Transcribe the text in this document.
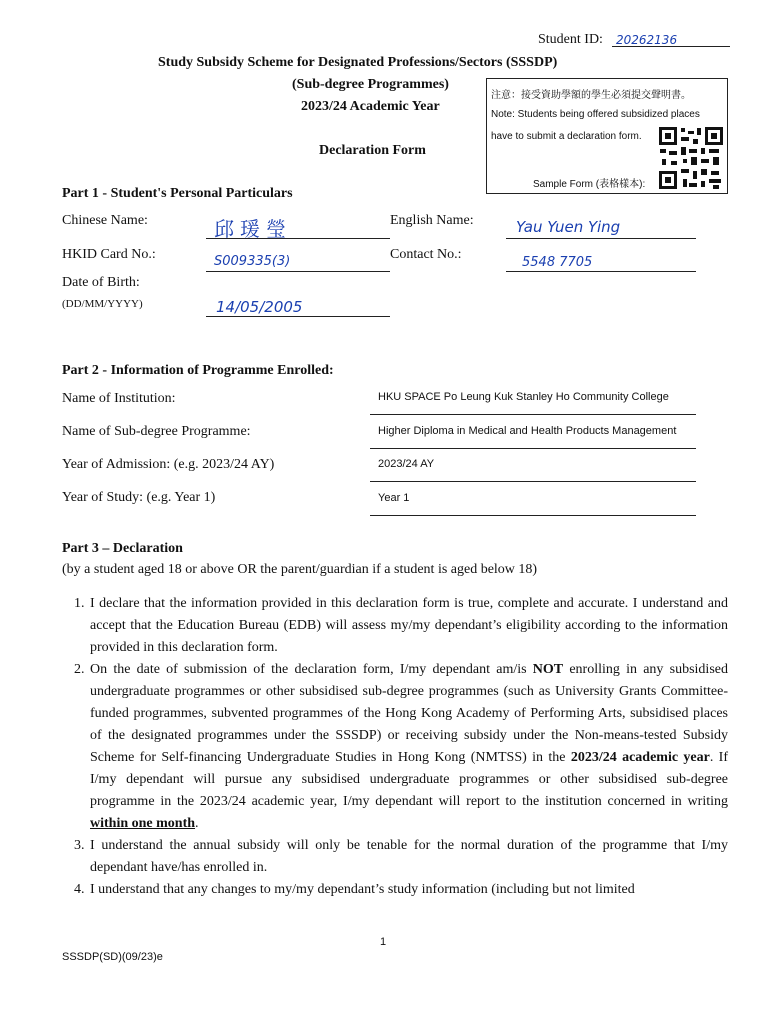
Student ID: 20262136
Study Subsidy Scheme for Designated Professions/Sectors (SSSDP)
(Sub-degree Programmes)
2023/24 Academic Year
Declaration Form
注意：接受資助學額的學生必須提交聲明書。
Note: Students being offered subsidized places
have to submit a declaration form.
Sample Form (表格樣本):
Part 1 - Student's Personal Particulars
Chinese Name:	邱瑗瑩	English Name:	Yau Yuen Ying
HKID Card No.:	S009335(3)	Contact No.:
5548 7705
Date of Birth:
(DD/MM/YYYY)	14/05/2005
Part 2 - Information of Programme Enrolled:
Name of Institution:	HKU SPACE Po Leung Kuk Stanley Ho Community College
Name of Sub-degree Programme:	Higher Diploma in Medical and Health Products Management
Year of Admission: (e.g. 2023/24 AY)	2023/24 AY
Year of Study: (e.g. Year 1)	Year 1
Part 3 – Declaration
(by a student aged 18 or above OR the parent/guardian if a student is aged below 18)
1. I declare that the information provided in this declaration form is true, complete and accurate. I understand and accept that the Education Bureau (EDB) will assess my/my dependant’s eligibility according to the information provided in this declaration form.
2. On the date of submission of the declaration form, I/my dependant am/is NOT enrolling in any subsidised undergraduate programmes or other subsidised sub-degree programmes (such as University Grants Committee-funded programmes, subvented programmes of the Hong Kong Academy of Performing Arts, subsidised places of the designated programmes under the SSSDP) or receiving subsidy under the Non-means-tested Subsidy Scheme for Self-financing Undergraduate Studies in Hong Kong (NMTSS) in the 2023/24 academic year. If I/my dependant will pursue any subsidised undergraduate programmes or other subsidised sub-degree programme in the 2023/24 academic year, I/my dependant will report to the institution concerned in writing within one month.
3. I understand the annual subsidy will only be tenable for the normal duration of the programme that I/my dependant have/has enrolled in.
4. I understand that any changes to my/my dependant’s study information (including but not limited
1
SSSDP(SD)(09/23)e
